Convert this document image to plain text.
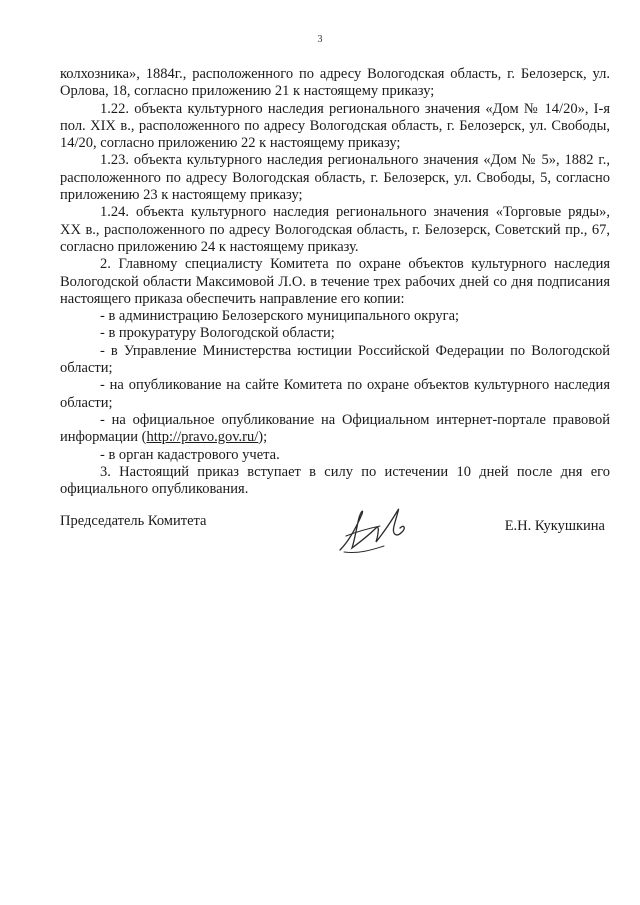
3

колхозника», 1884г., расположенного по адресу Вологодская область, г. Белозерск, ул. Орлова, 18, согласно приложению 21 к настоящему приказу;

1.22. объекта культурного наследия регионального значения «Дом № 14/20», I-я пол. XIX в., расположенного по адресу Вологодская область, г. Белозерск, ул. Свободы, 14/20, согласно приложению 22 к настоящему приказу;

1.23. объекта культурного наследия регионального значения «Дом № 5», 1882 г., расположенного по адресу Вологодская область, г. Белозерск, ул. Свободы, 5, согласно приложению 23 к настоящему приказу;

1.24. объекта культурного наследия регионального значения «Торговые ряды», XX в., расположенного по адресу Вологодская область, г. Белозерск, Советский пр., 67, согласно приложению 24 к настоящему приказу.

2. Главному специалисту Комитета по охране объектов культурного наследия Вологодской области Максимовой Л.О. в течение трех рабочих дней со дня подписания настоящего приказа обеспечить направление его копии:

- в администрацию Белозерского муниципального округа;

- в прокуратуру Вологодской области;

- в Управление Министерства юстиции Российской Федерации по Вологодской области;

- на опубликование на сайте Комитета по охране объектов культурного наследия области;

- на официальное опубликование на Официальном интернет-портале правовой информации (http://pravo.gov.ru/);

- в орган кадастрового учета.

3. Настоящий приказ вступает в силу по истечении 10 дней после дня его официального опубликования.

Председатель Комитета	Е.Н. Кукушкина
